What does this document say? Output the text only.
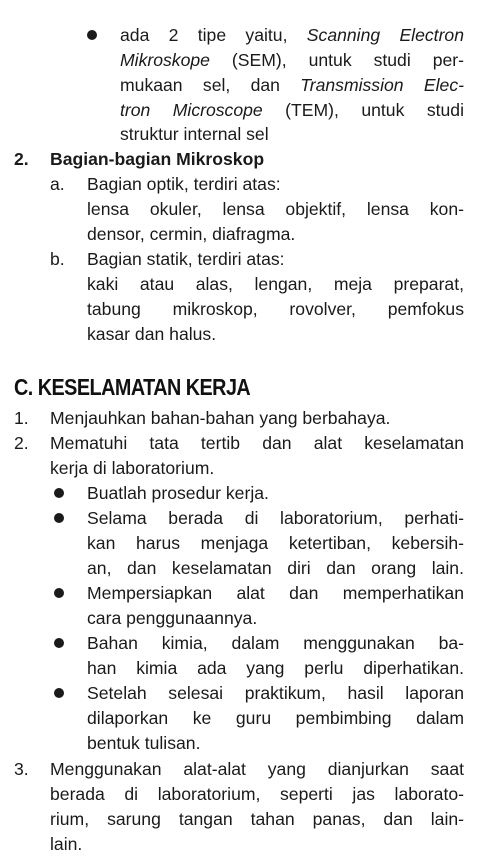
ada 2 tipe yaitu, Scanning Electron
Mikroskope (SEM), untuk studi per-
mukaan sel, dan Transmission Elec-
tron Microscope (TEM), untuk studi
struktur internal sel
2. Bagian-bagian Mikroskop
a. Bagian optik, terdiri atas:
lensa okuler, lensa objektif, lensa kon-
densor, cermin, diafragma.
b. Bagian statik, terdiri atas:
kaki atau alas, lengan, meja preparat,
tabung mikroskop, rovolver, pemfokus
kasar dan halus.
C. KESELAMATAN KERJA
1. Menjauhkan bahan-bahan yang berbahaya.
2. Mematuhi tata tertib dan alat keselamatan
kerja di laboratorium.
Buatlah prosedur kerja.
Selama berada di laboratorium, perhati-
kan harus menjaga ketertiban, kebersih-
an, dan keselamatan diri dan orang lain.
Mempersiapkan alat dan memperhatikan
cara penggunaannya.
Bahan kimia, dalam menggunakan ba-
han kimia ada yang perlu diperhatikan.
Setelah selesai praktikum, hasil laporan
dilaporkan ke guru pembimbing dalam
bentuk tulisan.
3. Menggunakan alat-alat yang dianjurkan saat
berada di laboratorium, seperti jas laborato-
rium, sarung tangan tahan panas, dan lain-
lain.
